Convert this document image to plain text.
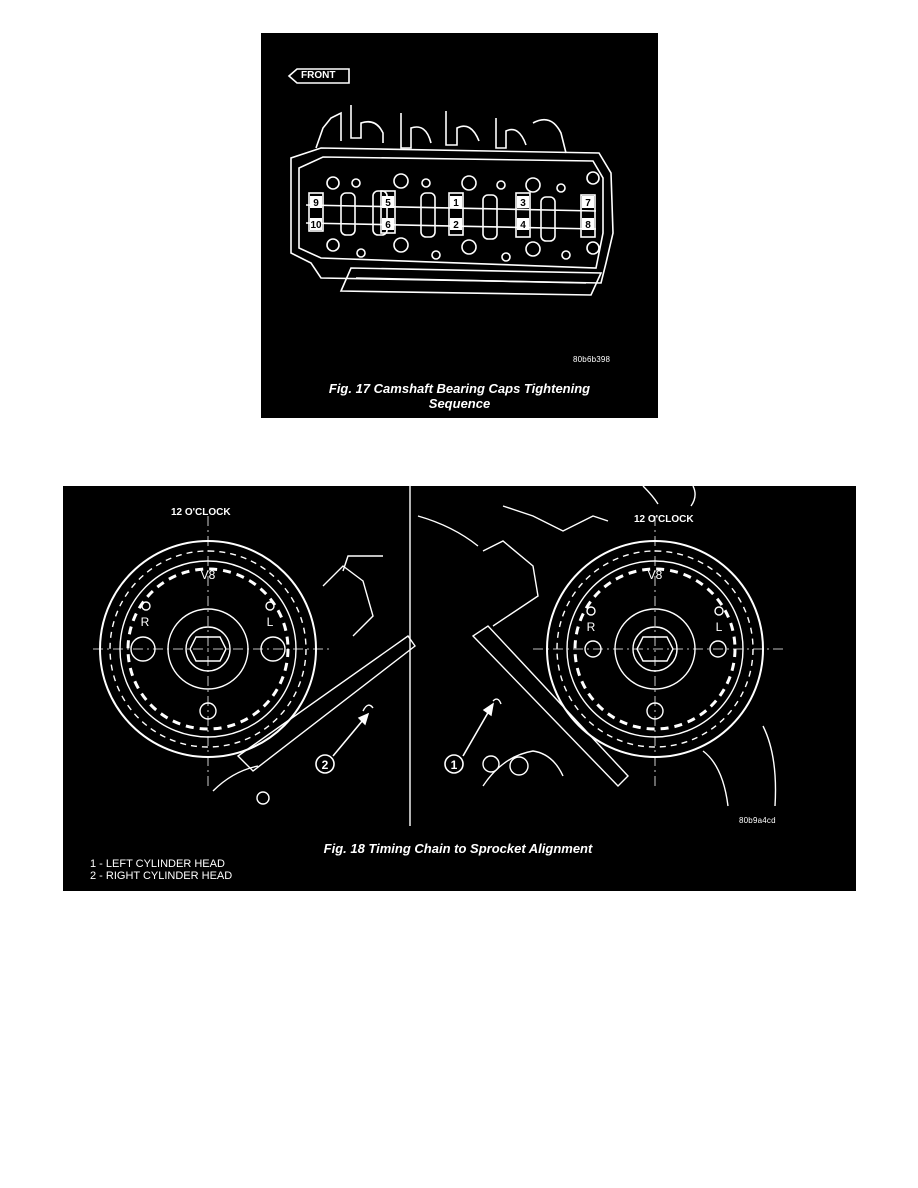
9
10
5
6
1
2
3
4
7
8
FRONT
80b6b398
Fig. 17 Camshaft Bearing Caps Tightening
Sequence
2	1
V8
R	L
V8
R	L
12 O'CLOCK
12 O'CLOCK
80b9a4cd
Fig. 18 Timing Chain to Sprocket Alignment
1 - LEFT CYLINDER HEAD
2 - RIGHT CYLINDER HEAD
